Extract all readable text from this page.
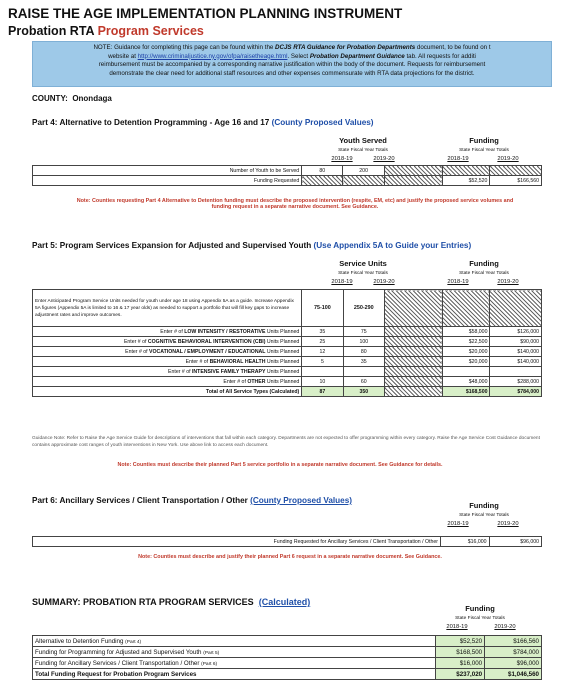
RAISE THE AGE IMPLEMENTATION PLANNING INSTRUMENT
Probation RTA Program Services
NOTE: Guidance for completing this page can be found within the DCJS RTA Guidance for Probation Departments document, to be found on t
website at http://www.criminaljustice.ny.gov/ofpa/raisetheage.html. Select Probation Department Guidance tab. All requests for additi
reimbursement must be accompanied by a corresponding narrative justification within the body of the document. Requests for reimbursement
demonstrate the clear need for additional staff resources and other expenses commensurate with RTA data projections for the district.
COUNTY: Onondaga
Part 4: Alternative to Detention Programming - Age 16 and 17 (County Proposed Values)
Youth Served	Funding
State Fiscal Year Totals	State Fiscal Year Totals
2018-19	2019-20	2018-19	2019-20
Number of Youth to be Served	80	200			
Funding Requested				$52,520	$166,560
Note: Counties requesting Part 4 Alternative to Detention funding must describe the proposed intervention (respite, EM, etc) and justify the proposed service volumes and funding request in a separate narrative document. See Guidance.
Part 5: Program Services Expansion for Adjusted and Supervised Youth (Use Appendix 5A to Guide your Entries)
Service Units	Funding
State Fiscal Year Totals	State Fiscal Year Totals
2018-19	2019-20	2018-19	2019-20
Enter Anticipated Program Service Units needed for youth under age 18 using Appendix 5A as a guide. Increase Appendix 5A figures (Appendix 5A is limited to 16 & 17 year olds) as needed to support a portfolio that will fill key gaps to increase adjustment rates and improve outcomes.	75-100	250-290			
Enter # of LOW INTENSITY / RESTORATIVE Units Planned	35	75		$58,000	$126,000
Enter # of COGNITIVE BEHAVIORAL INTERVENTION (CBI) Units Planned	25	100		$22,500	$90,000
Enter # of VOCATIONAL / EMPLOYMENT / EDUCATIONAL Units Planned	12	80		$20,000	$140,000
Enter # of BEHAVIORAL HEALTH Units Planned	5	35		$20,000	$140,000
Enter # of INTENSIVE FAMILY THERAPY Units Planned					
Enter # of OTHER Units Planned	10	60		$48,000	$288,000
Total of All Service Types (Calculated)	87	350		$168,500	$784,000
Guidance Note: Refer to Raise the Age Service Guide for descriptions of interventions that fall within each category. Departments are not expected to offer programming within every category. Raise the Age Service Cost Guidance document contains approximate cost ranges of youth interventions in New York. Use above link to access each document.
Note: Counties must describe their planned Part 5 service portfolio in a separate narrative document. See Guidance for details.
Part 6: Ancillary Services / Client Transportation / Other (County Proposed Values)
Funding
State Fiscal Year Totals
2018-19	2019-20
Funding Requested for Ancillary Services / Client Transportation / Other	$16,000	$96,000
Note: Counties must describe and justify their planned Part 6 request in a separate narrative document. See Guidance.
SUMMARY: PROBATION RTA PROGRAM SERVICES (Calculated)
Funding
State Fiscal Year Totals
2018-19	2019-20
Alternative to Detention Funding (Part 4)	$52,520	$166,560
Funding for Programming for Adjusted and Supervised Youth (Part 5)	$168,500	$784,000
Funding for Ancillary Services / Client Transportation / Other (Part 6)	$16,000	$96,000
Total Funding Request for Probation Program Services	$237,020	$1,046,560
